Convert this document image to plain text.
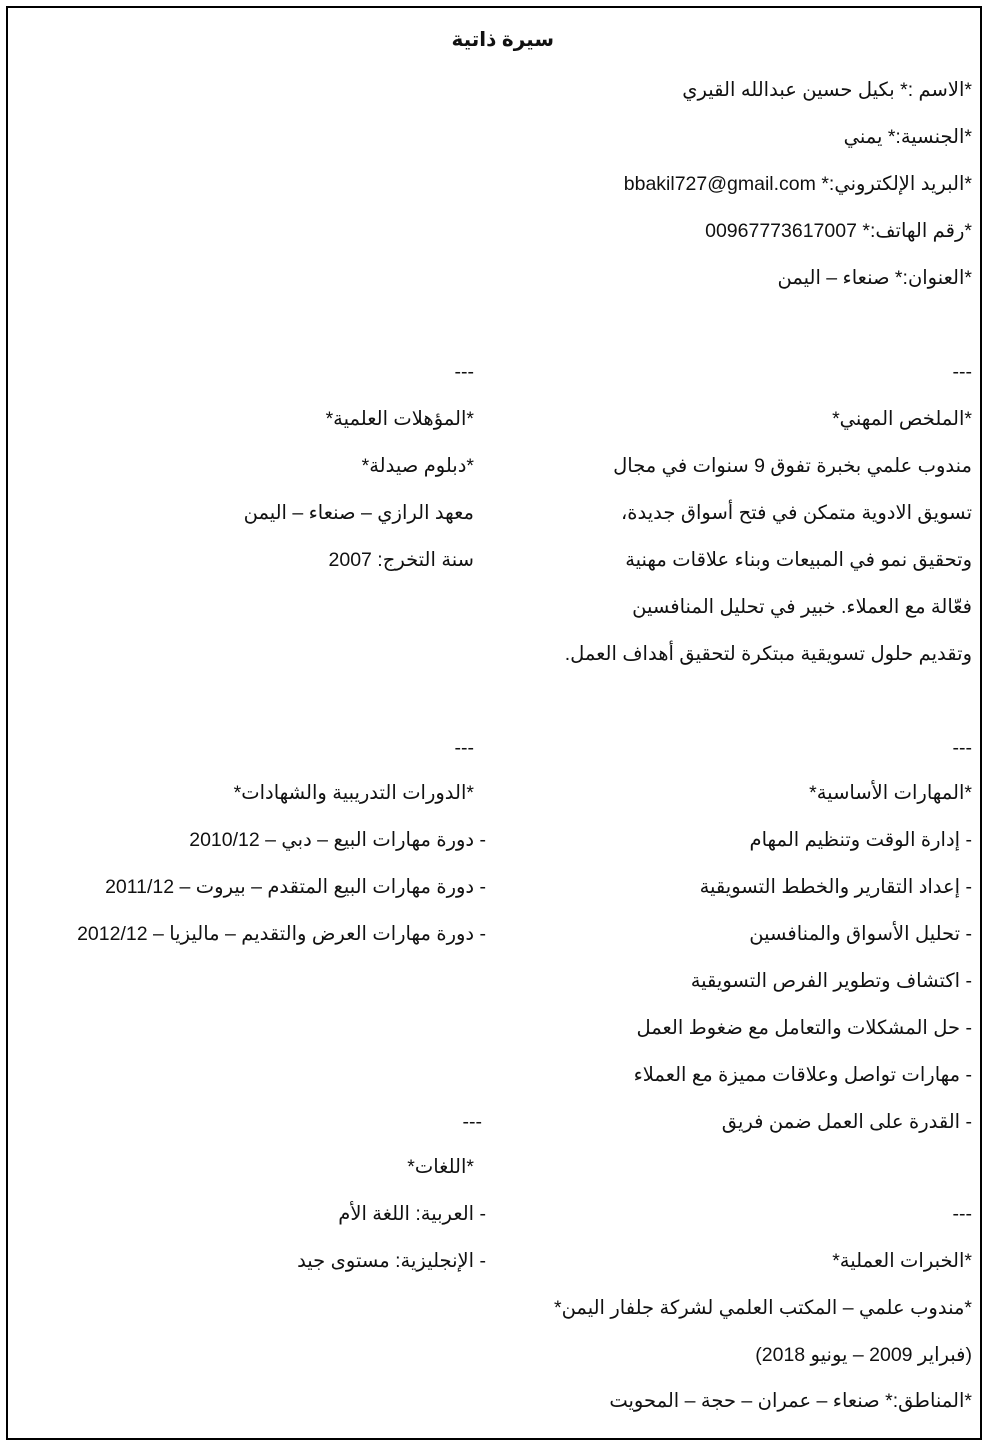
سيرة ذاتية
*الاسم :* بكيل حسين عبدالله القيري
*الجنسية:* يمني
*البريد الإلكتروني:* bbakil727@gmail.com
*رقم الهاتف:* 00967773617007
*العنوان:* صنعاء – اليمن
---
---
*الملخص المهني*
مندوب علمي بخبرة تفوق 9 سنوات في مجال
تسويق الادوية متمكن في فتح أسواق جديدة،
وتحقيق نمو في المبيعات وبناء علاقات مهنية
فعّالة مع العملاء. خبير في تحليل المنافسين
وتقديم حلول تسويقية مبتكرة لتحقيق أهداف العمل.
*المؤهلات العلمية*
*دبلوم صيدلة*
معهد الرازي – صنعاء – اليمن
سنة التخرج: 2007
---
---
*المهارات الأساسية*
- إدارة الوقت وتنظيم المهام
- إعداد التقارير والخطط التسويقية
- تحليل الأسواق والمنافسين
- اكتشاف وتطوير الفرص التسويقية
- حل المشكلات والتعامل مع ضغوط العمل
- مهارات تواصل وعلاقات مميزة مع العملاء
- القدرة على العمل ضمن فريق
*الدورات التدريبية والشهادات*
- دورة مهارات البيع – دبي – 2010/12
- دورة مهارات البيع المتقدم – بيروت – 2011/12
- دورة مهارات العرض والتقديم – ماليزيا – 2012/12
---
*اللغات*
- العربية: اللغة الأم
- الإنجليزية: مستوى جيد
---
*الخبرات العملية*
*مندوب علمي – المكتب العلمي لشركة جلفار اليمن*
(فبراير 2009 – يونيو 2018)
*المناطق:* صنعاء – عمران – حجة – المحويت
